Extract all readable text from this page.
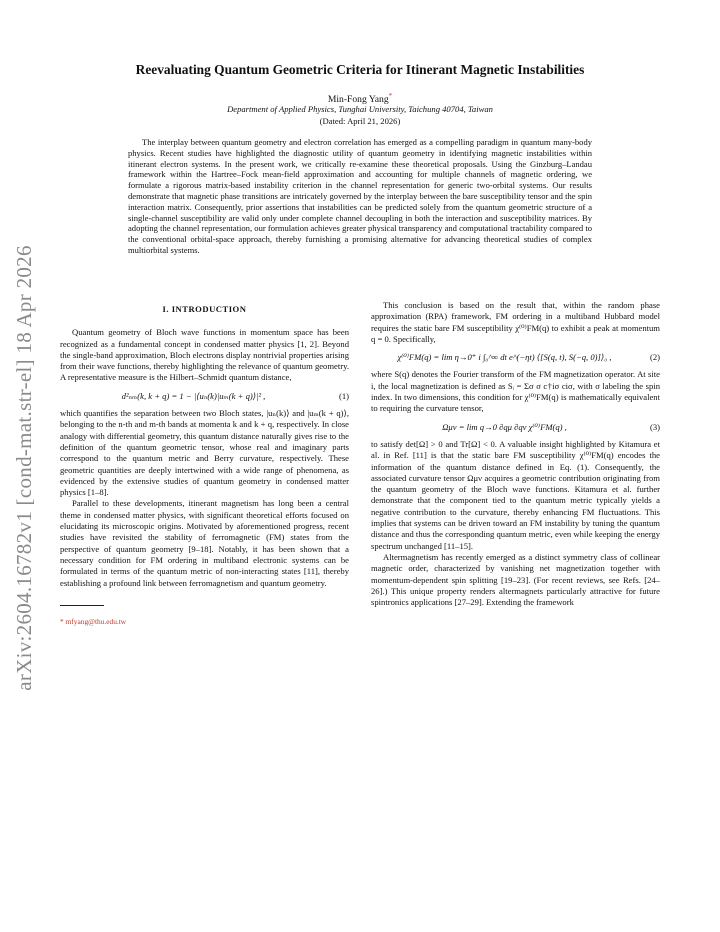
arXiv:2604.16782v1 [cond-mat.str-el] 18 Apr 2026
Reevaluating Quantum Geometric Criteria for Itinerant Magnetic Instabilities
Min-Fong Yang*
Department of Applied Physics, Tunghai University, Taichung 40704, Taiwan
(Dated: April 21, 2026)
The interplay between quantum geometry and electron correlation has emerged as a compelling paradigm in quantum many-body physics. Recent studies have highlighted the diagnostic utility of quantum geometry in identifying magnetic instabilities within itinerant electron systems. In the present work, we critically re-examine these theoretical proposals. Using the Ginzburg–Landau framework within the Hartree–Fock mean-field approximation and accounting for multiple channels of magnetic ordering, we formulate a rigorous matrix-based instability criterion in the channel representation for generic two-orbital systems. Our results demonstrate that magnetic phase transitions are intricately governed by the interplay between the bare susceptibility tensor and the spin interaction matrix. Consequently, prior assertions that instabilities can be predicted solely from the quantum geometric structure of a single-channel susceptibility are valid only under complete channel decoupling in both the interaction and susceptibility matrices. By adopting the channel representation, our formulation achieves greater physical transparency and computational tractability compared to the conventional orbital-space approach, thereby furnishing a promising alternative for advancing theoretical studies of complex multiorbital systems.
I. INTRODUCTION

Quantum geometry of Bloch wave functions in momentum space has been recognized as a fundamental concept in condensed matter physics [1, 2]. Beyond the single-band approximation, Bloch electrons display nontrivial properties arising from their wave functions, thereby highlighting the relevance of quantum geometry. A representative measure is the Hilbert–Schmidt quantum distance,

d²ₙₘ(k, k + q) = 1 − |⟨uₙ(k)|uₘ(k + q)⟩|² ,	(1)

which quantifies the separation between two Bloch states, |uₙ(k)⟩ and |uₘ(k + q)⟩, belonging to the n-th and m-th bands at momenta k and k + q, respectively. In close analogy with differential geometry, this quantum distance naturally gives rise to the definition of the quantum geometric tensor, whose real and imaginary parts correspond to the quantum metric and Berry curvature, respectively. These geometric quantities are deeply intertwined with a wide range of phenomena, as evidenced by the extensive studies of quantum geometry in condensed matter physics [1–8].

Parallel to these developments, itinerant magnetism has long been a central theme in condensed matter physics, with significant theoretical efforts focused on elucidating its microscopic origins. Motivated by aforementioned progress, recent studies have revisited the stability of ferromagnetic (FM) states from the perspective of quantum geometry [9–18]. Notably, it has been shown that a necessary condition for FM ordering in multiband electronic systems can be formulated in terms of the quantum metric of non-interacting states [11], thereby establishing a profound link between ferromagnetism and quantum geometry.

* mfyang@thu.edu.tw

This conclusion is based on the result that, within the random phase approximation (RPA) framework, FM ordering in a multiband Hubbard model requires the static bare FM susceptibility χ⁽⁰⁾FM(q) to exhibit a peak at momentum q = 0. Specifically,

χ⁽⁰⁾FM(q) = lim η→0⁺ i ∫₀^∞ dt e^(−ηt) ⟨[S(q, t), S(−q, 0)]⟩₀ ,	(2)

where S(q) denotes the Fourier transform of the FM magnetization operator. At site i, the local magnetization is defined as Sᵢ = Σσ σ c†iσ ciσ, with σ labeling the spin index. In two dimensions, this condition for χ⁽⁰⁾FM(q) is mathematically equivalent to requiring the curvature tensor,

Ωμν = lim q→0 ∂qμ ∂qν χ⁽⁰⁾FM(q) ,	(3)

to satisfy det[Ω] > 0 and Tr[Ω] < 0. A valuable insight highlighted by Kitamura et al. in Ref. [11] is that the static bare FM susceptibility χ⁽⁰⁾FM(q) encodes the information of the quantum distance defined in Eq. (1). Consequently, the associated curvature tensor Ωμν acquires a geometric contribution originating from the quantum geometry of the Bloch wave functions. Kitamura et al. further demonstrate that the component tied to the quantum metric typically yields a negative contribution to the curvature, thereby enhancing FM fluctuations. This implies that systems can be driven toward an FM instability by tuning the quantum distance and thus the corresponding quantum metric, even while keeping the energy spectrum unchanged [11–15].

Altermagnetism has recently emerged as a distinct symmetry class of collinear magnetic order, characterized by vanishing net magnetization together with momentum-dependent spin splitting [19–23]. (For recent reviews, see Refs. [24–26].) This unique property renders altermagnets particularly attractive for future spintronics applications [27–29]. Extending the framework
